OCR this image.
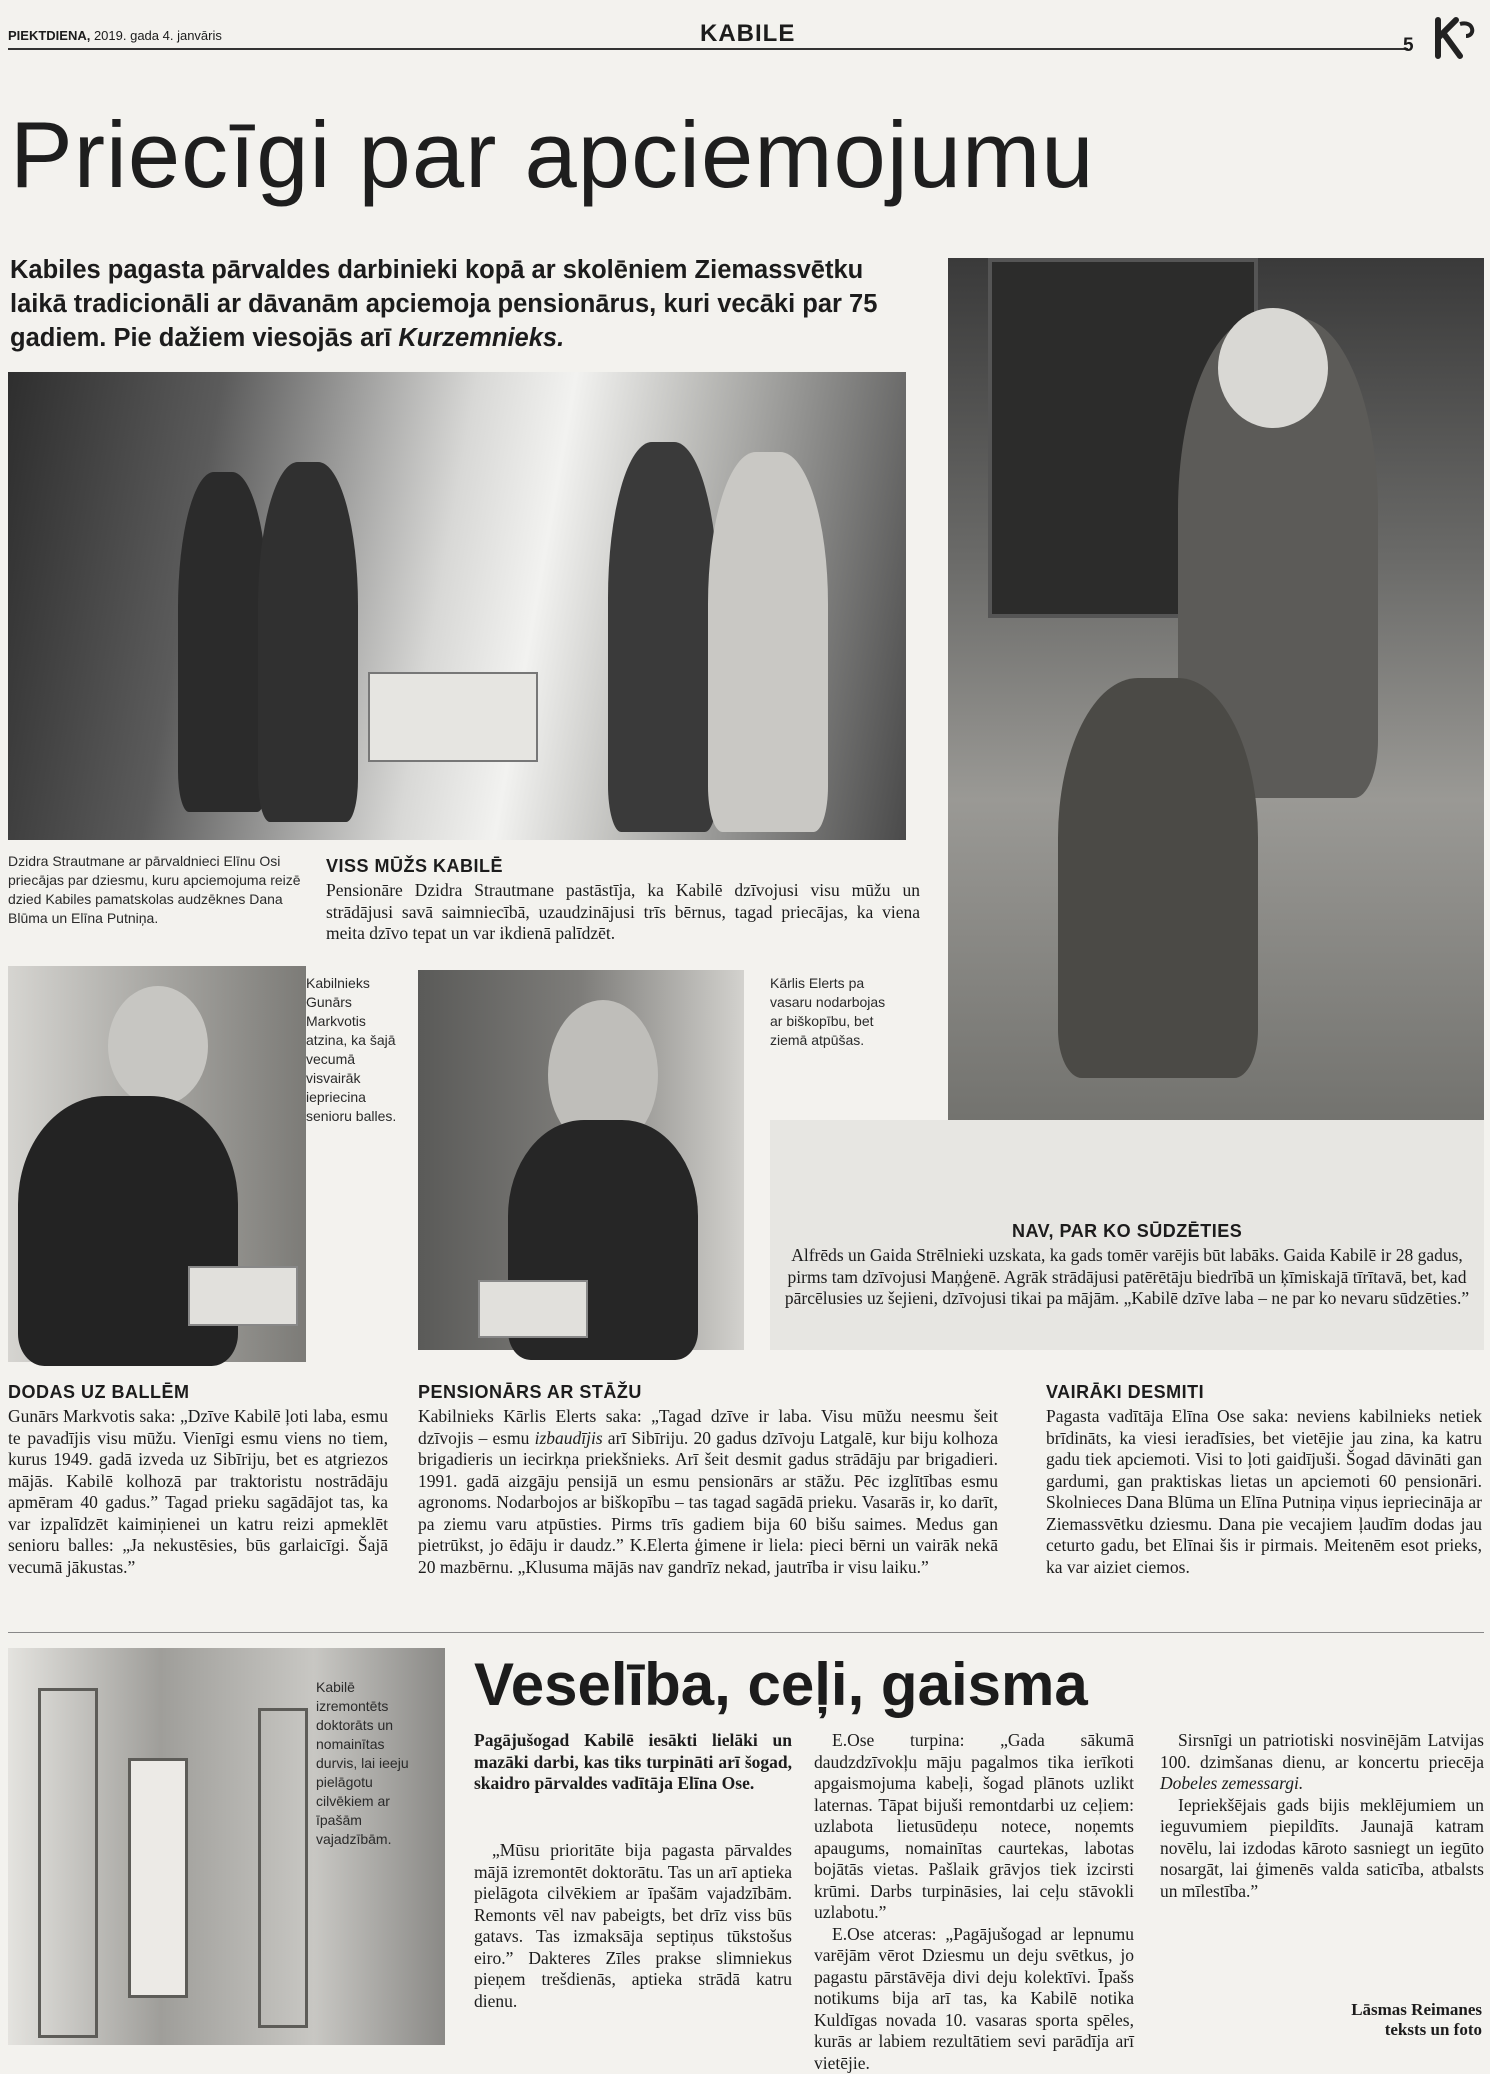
PIEKTDIENA, 2019. gada 4. janvāris	KABILE	5
Priecīgi par apciemojumu

Kabiles pagasta pārvaldes darbinieki kopā ar skolēniem Ziemassvētku laikā tradicionāli ar dāvanām apciemoja pensionārus, kuri vecāki par 75 gadiem. Pie dažiem viesojās arī Kurzemnieks.

Dzidra Strautmane ar pārvaldnieci Elīnu Osi priecājas par dziesmu, kuru apciemojuma reizē dzied Kabiles pamatskolas audzēknes Dana Blūma un Elīna Putniņa.
VISS MŪŽS KABILĒ
Pensionāre Dzidra Strautmane pastāstīja, ka Kabilē dzīvojusi visu mūžu un strādājusi savā saimniecībā, uzaudzinājusi trīs bērnus, tagad priecājas, ka viena meita dzīvo tepat un var ikdienā palīdzēt.
Kabilnieks Gunārs Markvotis atzina, ka šajā vecumā visvairāk iepriecina senioru balles.
Kārlis Elerts pa vasaru nodarbojas ar biškopību, bet ziemā atpūšas.
NAV, PAR KO SŪDZĒTIES
Alfrēds un Gaida Strēlnieki uzskata, ka gads tomēr varējis būt labāks. Gaida Kabilē ir 28 gadus, pirms tam dzīvojusi Maņģenē. Agrāk strādājusi patērētāju biedrībā un ķīmiskajā tīrītavā, bet, kad pārcēlusies uz šejieni, dzīvojusi tikai pa mājām. „Kabilē dzīve laba – ne par ko nevaru sūdzēties.”
DODAS UZ BALLĒM
Gunārs Markvotis saka: „Dzīve Kabilē ļoti laba, esmu te pavadījis visu mūžu. Vienīgi esmu viens no tiem, kurus 1949. gadā izveda uz Sibīriju, bet es atgriezos mājās. Kabilē kolhozā par traktoristu nostrādāju apmēram 40 gadus.” Tagad prieku sagādājot tas, ka var izpalīdzēt kaimiņienei un katru reizi apmeklēt senioru balles: „Ja nekustēsies, būs garlaicīgi. Šajā vecumā jākustas.”
PENSIONĀRS AR STĀŽU
Kabilnieks Kārlis Elerts saka: „Tagad dzīve ir laba. Visu mūžu neesmu šeit dzīvojis – esmu izbaudījis arī Sibīriju. 20 gadus dzīvoju Latgalē, kur biju kolhoza brigadieris un iecirkņa priekšnieks. Arī šeit desmit gadus strādāju par brigadieri. 1991. gadā aizgāju pensijā un esmu pensionārs ar stāžu. Pēc izglītības esmu agronoms. Nodarbojos ar biškopību – tas tagad sagādā prieku. Vasarās ir, ko darīt, pa ziemu varu atpūsties. Pirms trīs gadiem bija 60 bišu saimes. Medus gan pietrūkst, jo ēdāju ir daudz.” K.Elerta ģimene ir liela: pieci bērni un vairāk nekā 20 mazbērnu. „Klusuma mājās nav gandrīz nekad, jautrība ir visu laiku.”
VAIRĀKI DESMITI
Pagasta vadītāja Elīna Ose saka: neviens kabilnieks netiek brīdināts, ka viesi ieradīsies, bet vietējie jau zina, ka katru gadu tiek apciemoti. Visi to ļoti gaidījuši. Šogad dāvināti gan gardumi, gan praktiskas lietas un apciemoti 60 pensionāri. Skolnieces Dana Blūma un Elīna Putniņa viņus iepriecināja ar Ziemassvētku dziesmu. Dana pie vecajiem ļaudīm dodas jau ceturto gadu, bet Elīnai šis ir pirmais. Meitenēm esot prieks, ka var aiziet ciemos.
Kabilē izremontēts doktorāts un nomainītas durvis, lai ieeju pielāgotu cilvēkiem ar īpašām vajadzībām.
Veselība, ceļi, gaisma

Pagājušogad Kabilē iesākti lielāki un mazāki darbi, kas tiks turpināti arī šogad, skaidro pārvaldes vadītāja Elīna Ose.

„Mūsu prioritāte bija pagasta pārvaldes mājā izremontēt doktorātu. Tas un arī aptieka pielāgota cilvēkiem ar īpašām vajadzībām. Remonts vēl nav pabeigts, bet drīz viss būs gatavs. Tas izmaksāja septiņus tūkstošus eiro.” Dakteres Zīles prakse slimniekus pieņem trešdienās, aptieka strādā katru dienu.

E.Ose turpina: „Gada sākumā daudzdzīvokļu māju pagalmos tika ierīkoti apgaismojuma kabeļi, šogad plānots uzlikt laternas. Tāpat bijuši remontdarbi uz ceļiem: uzlabota lietusūdeņu notece, noņemts apaugums, nomainītas caurtekas, labotas bojātās vietas. Pašlaik grāvjos tiek izcirsti krūmi. Darbs turpināsies, lai ceļu stāvokli uzlabotu.”

E.Ose atceras: „Pagājušogad ar lepnumu varējām vērot Dziesmu un deju svētkus, jo pagastu pārstāvēja divi deju kolektīvi. Īpašs notikums bija arī tas, ka Kabilē notika Kuldīgas novada 10. vasaras sporta spēles, kurās ar labiem rezultātiem sevi parādīja arī vietējie.

Sirsnīgi un patriotiski nosvinējām Latvijas 100. dzimšanas dienu, ar koncertu priecēja Dobeles zemessargi.

Iepriekšējais gads bijis meklējumiem un ieguvumiem piepildīts. Jaunajā katram novēlu, lai izdodas kāroto sasniegt un iegūto nosargāt, lai ģimenēs valda saticība, atbalsts un mīlestība.”

Lāsmas Reimanes
teksts un foto
